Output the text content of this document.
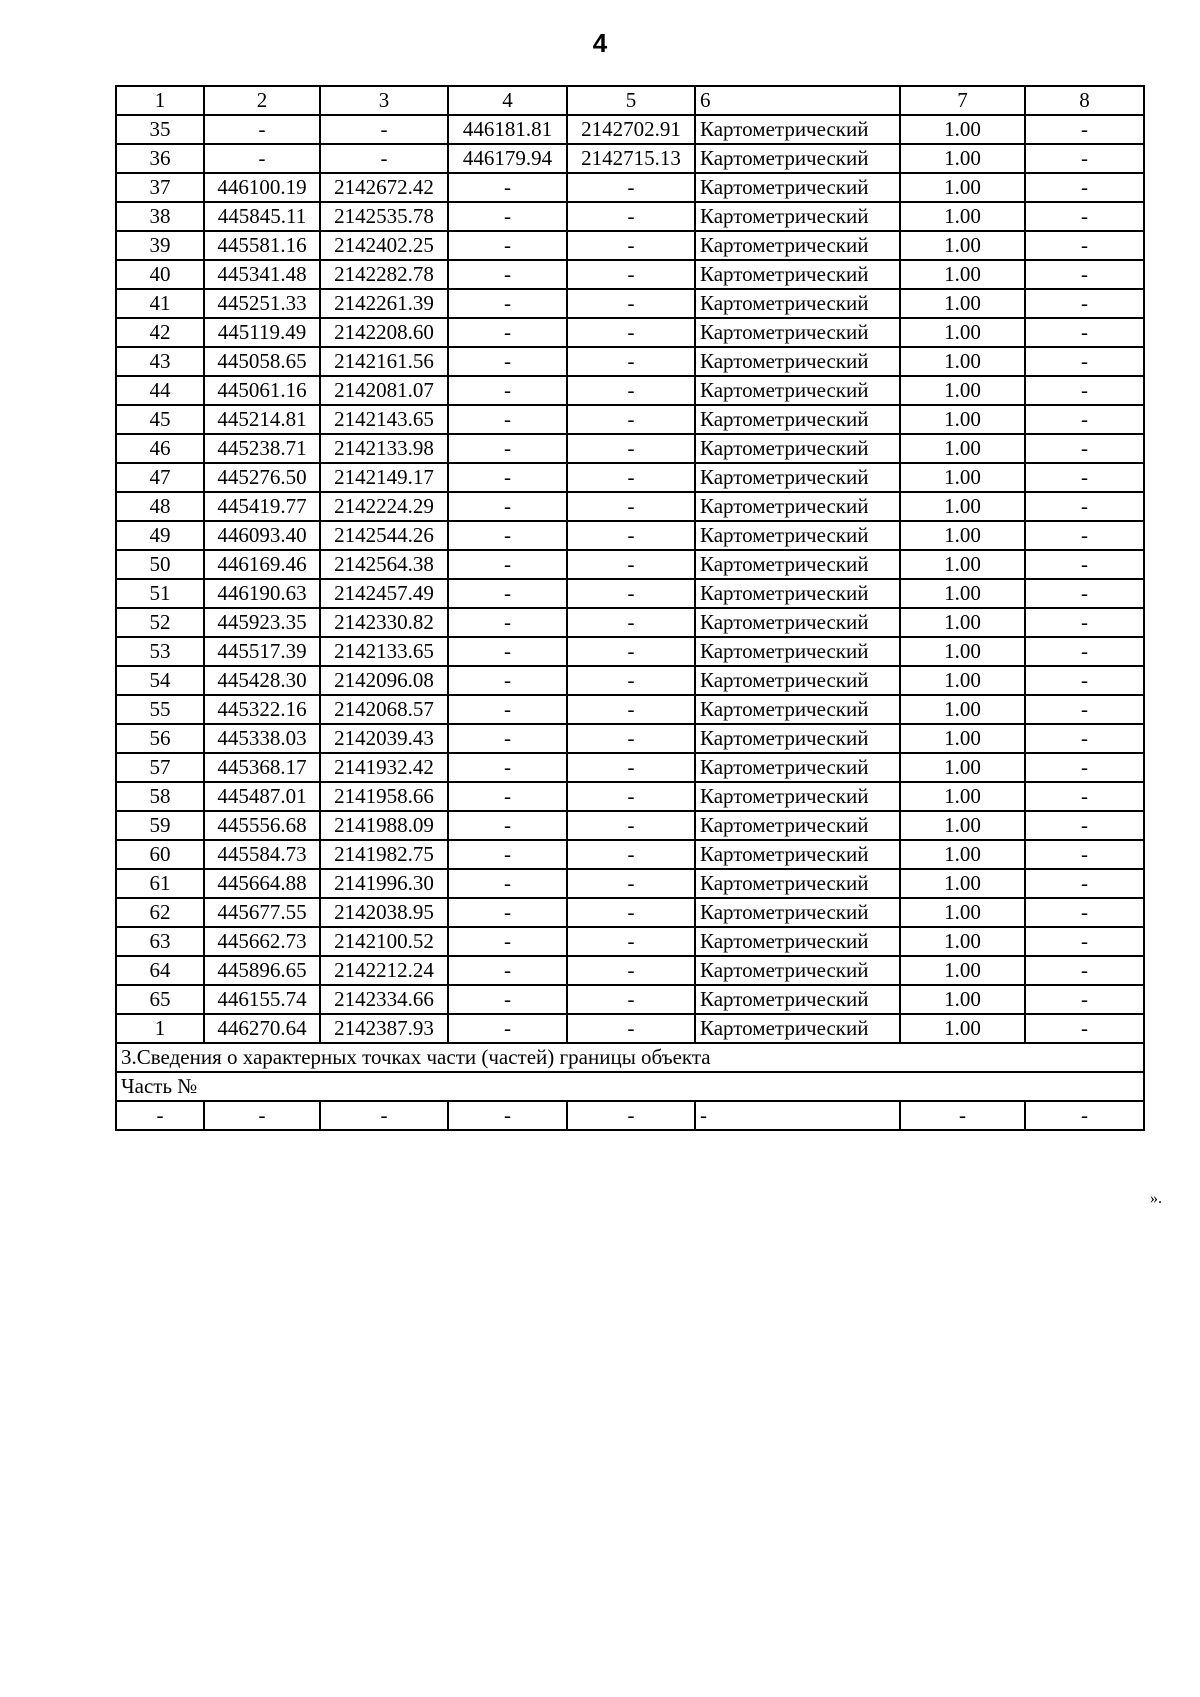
4
1	2	3	4	5	6	7	8
35	-	-	446181.81	2142702.91	Картометрический	1.00	-
36	-	-	446179.94	2142715.13	Картометрический	1.00	-
37	446100.19	2142672.42	-	-	Картометрический	1.00	-
38	445845.11	2142535.78	-	-	Картометрический	1.00	-
39	445581.16	2142402.25	-	-	Картометрический	1.00	-
40	445341.48	2142282.78	-	-	Картометрический	1.00	-
41	445251.33	2142261.39	-	-	Картометрический	1.00	-
42	445119.49	2142208.60	-	-	Картометрический	1.00	-
43	445058.65	2142161.56	-	-	Картометрический	1.00	-
44	445061.16	2142081.07	-	-	Картометрический	1.00	-
45	445214.81	2142143.65	-	-	Картометрический	1.00	-
46	445238.71	2142133.98	-	-	Картометрический	1.00	-
47	445276.50	2142149.17	-	-	Картометрический	1.00	-
48	445419.77	2142224.29	-	-	Картометрический	1.00	-
49	446093.40	2142544.26	-	-	Картометрический	1.00	-
50	446169.46	2142564.38	-	-	Картометрический	1.00	-
51	446190.63	2142457.49	-	-	Картометрический	1.00	-
52	445923.35	2142330.82	-	-	Картометрический	1.00	-
53	445517.39	2142133.65	-	-	Картометрический	1.00	-
54	445428.30	2142096.08	-	-	Картометрический	1.00	-
55	445322.16	2142068.57	-	-	Картометрический	1.00	-
56	445338.03	2142039.43	-	-	Картометрический	1.00	-
57	445368.17	2141932.42	-	-	Картометрический	1.00	-
58	445487.01	2141958.66	-	-	Картометрический	1.00	-
59	445556.68	2141988.09	-	-	Картометрический	1.00	-
60	445584.73	2141982.75	-	-	Картометрический	1.00	-
61	445664.88	2141996.30	-	-	Картометрический	1.00	-
62	445677.55	2142038.95	-	-	Картометрический	1.00	-
63	445662.73	2142100.52	-	-	Картометрический	1.00	-
64	445896.65	2142212.24	-	-	Картометрический	1.00	-
65	446155.74	2142334.66	-	-	Картометрический	1.00	-
1	446270.64	2142387.93	-	-	Картометрический	1.00	-
3.Сведения о характерных точках части (частей) границы объекта							
Часть №							
-	-	-	-	-	-	-	-
».
